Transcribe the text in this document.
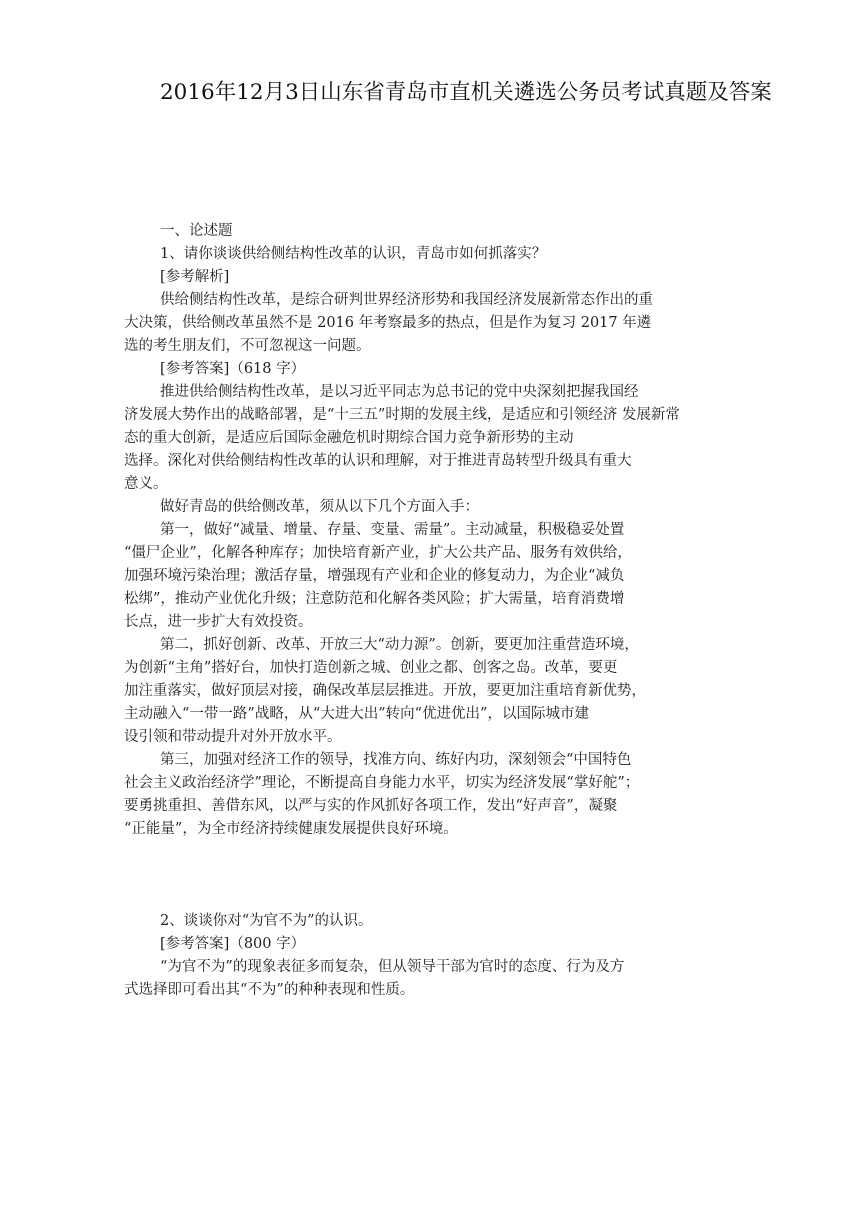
2016年12月3日山东省青岛市直机关遴选公务员考试真题及答案
一、论述题
1、请你谈谈供给侧结构性改革的认识，青岛市如何抓落实？
[参考解析]
供给侧结构性改革，是综合研判世界经济形势和我国经济发展新常态作出的重
大决策，供给侧改革虽然不是 2016 年考察最多的热点，但是作为复习 2017 年遴
选的考生朋友们，不可忽视这一问题。
[参考答案]（618 字）
推进供给侧结构性改革，是以习近平同志为总书记的党中央深刻把握我国经
济发展大势作出的战略部署，是“十三五”时期的发展主线，是适应和引领经济 发展新常
态的重大创新，是适应后国际金融危机时期综合国力竞争新形势的主动
选择。深化对供给侧结构性改革的认识和理解，对于推进青岛转型升级具有重大
意义。
做好青岛的供给侧改革，须从以下几个方面入手：
第一，做好“减量、增量、存量、变量、需量”。主动减量，积极稳妥处置
“僵尸企业”，化解各种库存；加快培育新产业，扩大公共产品、服务有效供给，
加强环境污染治理；激活存量，增强现有产业和企业的修复动力，为企业“减负
松绑”，推动产业优化升级；注意防范和化解各类风险；扩大需量，培育消费增
长点，进一步扩大有效投资。
第二，抓好创新、改革、开放三大“动力源”。创新，要更加注重营造环境，
为创新“主角”搭好台，加快打造创新之城、创业之都、创客之岛。改革，要更
加注重落实，做好顶层对接，确保改革层层推进。开放，要更加注重培育新优势，
主动融入“一带一路”战略，从“大进大出”转向“优进优出”，以国际城市建
设引领和带动提升对外开放水平。
第三，加强对经济工作的领导，找准方向、练好内功，深刻领会“中国特色
社会主义政治经济学”理论，不断提高自身能力水平，切实为经济发展“掌好舵”；
要勇挑重担、善借东风，以严与实的作风抓好各项工作，发出“好声音”，凝聚
“正能量”，为全市经济持续健康发展提供良好环境。
2、谈谈你对“为官不为”的认识。
[参考答案]（800 字）
“为官不为”的现象表征多而复杂，但从领导干部为官时的态度、行为及方
式选择即可看出其“不为”的种种表现和性质。
